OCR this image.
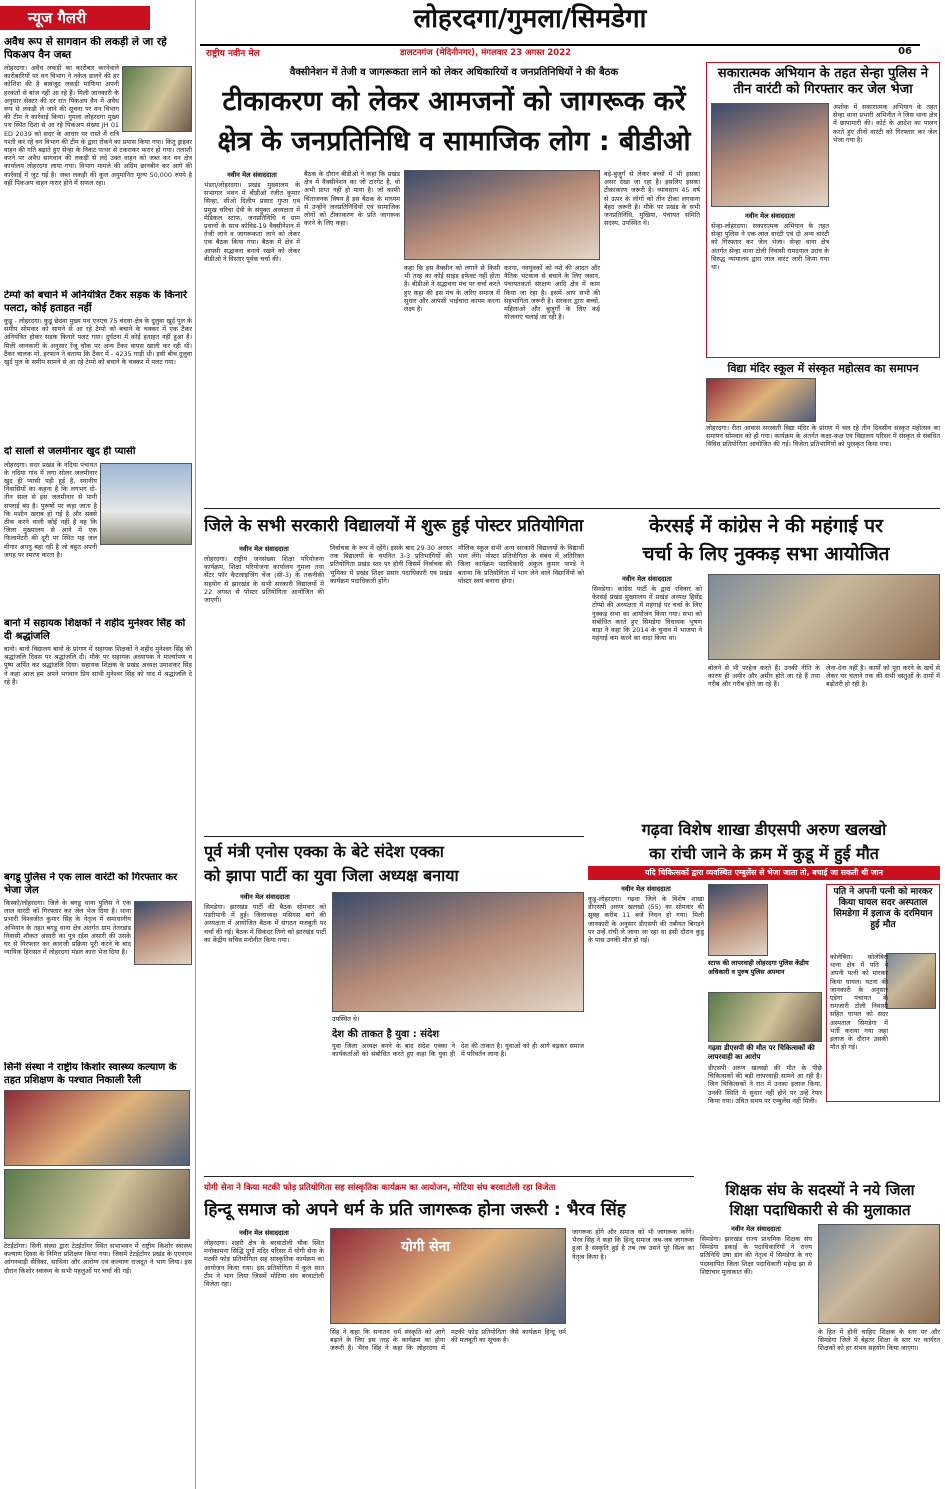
लोहरदगा/गुमला/सिमडेगा
राष्ट्रीय नवीन मेल	डालटनगंज (मेदिनीनगर), मंगलवार 23 अगस्त 2022	06
न्यूज गैलरी
अवैध रूप से सागवान की लकड़ी ले जा रहे पिकअप वैन जब्त
लोहरदगा। अवैध लकड़ी का कारोबार करनेवाले कारोबारियों पर वन विभाग ने नकेल डालने की हर कोशिश की है बावजूद लकड़ी माफिया अपनी हरकतों से बाज नहीं आ रहे हैं। मिली जानकारी के अनुसार सेक्टर की दर रात पिकअप वैन में अवैध रूप से लकड़ी ले जाने की सूचना पर वन विभाग की टीम ने कार्रवाई किया। गुमला लोहरदगा मुख्य पथ स्थित दिशा से आ रहे पिकअप संख्या JH 01 ED 2039 को सदर के आधार पर रास्ते में रात्रि गश्ती कर रहे वन विभाग की टीम के द्वारा रोकने का प्रयास किया गया। किंतु ड्राइवर वाहन की गति बढ़ाते हुए सेन्हा के निकट पत्थर से टकराकर फरार हो गया। तलाशी करने पर अवैध सागवान की लकड़ी से लदे उक्त वाहन को जब्त कर वन क्षेत्र कार्यालय लोहरदगा लाया गया। विभाग मामले की अग्रिम छानबीन कर आगे की कार्रवाई में जुट गई है। जब्त लकड़ी की कुल अनुमानित मूल्य 50,000 रुपये है वहीं पिकअप वाहन फरार होने में सफल रहा।
टेम्पो को बचाने में अनियंत्रित टैंकर सड़क के किनारे पलटा, कोई हताहत नहीं
कुडू़ - लोहरदगा। कुडू़ छेदवा मुख्य पथ एनएच 75 चंदवा क्षेत्र के दुलुवा खुर्द पुल के समीप सोमवार को सामने से आ रहे टेम्पो को बचाने के चक्कर में एक टैंकर अनियंत्रित होकर सड़क किनारे पलट गया। दुर्घटना में कोई हताहत नहीं हुआ है। मिली जानकारी के अनुसार रेंजू चौक पर अन्य टैंकर वापस खाली कर रही थी। टैंकर चालक मो. इरफान ने बताया कि टैंकर में - 4235 गाड़ी थी। इसी बीच दुलुवा खुर्द पुल के समीप सामने से आ रहे टेम्पो को बचाने के चक्कर में पलट गया।
दो सालों से जलमीनार खुद ही प्यासी
लोहरदगा। सदर प्रखंड के नदिया पंचायत के नदिया गांव में लगा सोलर जलमीनार खुद ही प्यासी पड़ी हुई है, स्थानीय निवासियों का कहना है कि लगभग दो-तीन साल से इस जलमीनार से पानी सप्लाई बंद है। पुरूषों पर कहा जाता है कि मशीन खराब हो गई है और सक्से ठीक करने वाली कोई नहीं है वह कि जिला मुख्यालय से आने में एक फिलामेंटरी की दूरी पर स्थित यह जल मीनार अपनु बहा रही है जो बहुत अपनी जगह पर स्मरण करता है।
बानो में सहायक शिक्षकों ने शहीद मुनेश्वर सिंह को दी श्रद्धांजलि
बानो। बानो विद्यालय बानो के प्रांगण में सहायक शिक्षकों ने शहीद मुनेश्वर सिंह की श्रद्धांजलि दिवस पर श्रद्धांजलि दी। मौके पर सहायक अध्यापक ने मार्ल्यापण व पुष्प अर्पित कर श्रद्धांजलि दिया। सहायक शिक्षक के प्रखंड अध्यक्ष उमाशंकर सिंह ने कहा आज हम अपने भगवान प्रिय साथी मुनेश्वर सिंह को याद में श्रद्धांजलि दे रहे हैं।
बगडू पुलिस ने एक लाल वारंटी को गिरफ्तार कर भेजा जेल
किस्को/लोहरदगा। जिले के बगडू थाना पुलिस ने एक लाल वारंटी को गिरफ्तार कर जेल भेज दिया है। थाना प्रभारी विश्वजीत कुमार सिंह के नेतृत्व में समाधानीय अभियान के तहत बगडू थाना क्षेत्र अंतर्गत ग्राम तेतरडांड निवासी शौकत अंसारी का पुत्र रईस अंसारी की उसके घर से गिरफ्तार कर कागजी प्रक्रिया पूरी करने के बाद न्यायिक हिरासत में लोहरदगा मंडल कारा भेज दिया है।
सिनी संस्था ने राष्ट्रीय किशोर स्वास्थ्य कल्याण के तहत प्रशिक्षण के पश्चात निकाली रैली
टेटईटाँगर। सिनी संस्था द्वारा टेटईटाँगर स्थित सभाभवन में राष्ट्रीय किशोर स्वास्थ्य कल्याण दिवस के निमित्त प्रशिक्षण किया गया। जिसमें टेटईटाँगर प्रखंड के एएनएम आंगनवाड़ी सेविका, साथिया और आरोग्य एवं कल्याण राजदूत ने भाग लिया। इस दौरान किशोर स्वास्थ्य के सभी पहलुओं पर चर्चा की गई।
वैक्सीनेशन में तेजी व जागरूकता लाने को लेकर अधिकारियों व जनप्रतिनिधियों ने की बैठक
टीकाकरण को लेकर आमजनों को जागरूक करें
क्षेत्र के जनप्रतिनिधि व सामाजिक लोग : बीडीओ
नवीन मेल संवाददाता
भंडरा/लोहरदगा। प्रखंड मुख्यालय के सभागार भवन में बीडीओ रंजीत कुमार सिन्हा, सीओ दिलीप प्रसाद गुप्ता एवं प्रमुख चरिचा देवी के संयुक्त अध्यक्षता में मेडिकल स्टाफ, जनप्रतिनिधि व ग्राम प्रधानों के साथ कोविड-19 वैक्सीनेशन में तेजी लाने व जागरूकता लाने को लेकर एक बैठक किया गया। बैठक में क्षेत्र में आपसी सद्भावना बनाये रखने को लेकर बीडीओ ने विस्तार पूर्वक चर्चा की।
बैठक के दौरान बीडीओ ने कहा कि प्रखंड क्षेत्र में वैक्सीनेशन का जो टारगेट है, वो अभी प्राप्त नहीं हो पाया है। जो काफी चिंताजनक विषय है इस बैठक के माध्यम से उन्होंने जनप्रतिनिधियों एवं सामाजिक लोगों को टीकाकरण के प्रति जागरूक करने के लिए कहा।
कहा कि इस वैक्सीन को लगाने से किसी भी तरह का कोई साइड इफेक्ट नहीं होता है। बीडीओ ने सद्भावना मंच पर चर्चा करते हुए कहा की इस मंच के जरिए समाज में सुधार और आपसी भाईचारा कायम करना लक्ष्य है।
करना, नवयुवकों को नशे की आदत और नैतिक भटकाव से बचाने के लिए जवान, पंचायतकर्ता संरक्षण आदि क्षेत्र में काम किया जा रहा है। इसमें आप सभी की सहभागिता जरूरी है। सरकार द्वारा बच्चों, महिलाओं और बुजुर्गों के लिए कई योजनाएं चलाई जा रही है।
बड़े-बुजुर्ग से लेकर बच्चों में भी इसका असर देखा जा रहा है। इसलिए इसका टीकाकरण जरूरी है। व्यावसाय 45 वर्ष से ऊपर के लोगों को तीन टीका लगवाना बेहद जरूरी है। मौके पर प्रखंड के सभी जनप्रतिनिधि, मुखिया, पंचायत समिति सदस्य, उपस्थित थे।
सकारात्मक अभियान के तहत सेन्हा पुलिस ने तीन वारंटी को गिरफ्तार कर जेल भेजा
नवीन मेल संवाददाता
सेन्हा-लोहरदगा। सकारात्मक अभियान के तहत सेन्हा पुलिस ने एक लाल वारंटी एवं दो अन्य वारंटी को गिरफ्तार कर जेल भेजा। सेन्हा थाना क्षेत्र अंतर्गत सेन्हा थाना टोली निवासी रामदयाल उरांव के विरुद्ध न्यायालय द्वारा लाल वारंट जारी किया गया था।
अशोक में सकारात्मक अभियान के तहत सेन्हा थाना प्रभारी अभिनीत ने जिस थाना क्षेत्र में छापामारी की। कोर्ट के आदेश का पालन करते हुए तीनों वारंटी को गिरफ्तार कर जेल भेजा गया है।
विद्या मंदिर स्कूल में संस्कृत महोत्सव का समापन
लोहरदगा। रीता आवास सरस्वती विद्या मंदिर के प्रांगण में चल रहे तीन दिवसीय संस्कृत महोत्सव का समापन सोमवार को हो गया। कार्यक्रम के अंतर्गत कक्षा-कक्ष एवं विद्यालय परिसर में संस्कृत से संबंधित विविध प्रतियोगिता आयोजित की गई। विजेता प्रतिभागियों को पुरस्कृत किया गया।
जिले के सभी सरकारी विद्यालयों में शुरू हुई पोस्टर प्रतियोगिता
नवीन मेल संवाददाता
लोहरदगा। राष्ट्रीय जनसंख्या शिक्षा परियोजना कार्यक्रम, शिक्षा परियोजना कार्यालय गुमला तथा सेंटर फॉर कैटलाइजिंग चेंज (सी-3) के तकनीकी सहयोग से झारखंड के सभी सरकारी विद्यालयों में 22 अगस्त से पोस्टर प्रतियोगिता आयोजित की जाएगी।
निर्वाचक के रूप में रहेंगे। इसके बाद 29-30 अगस्त तक विद्यालयों के चयनित 3-3 प्रतिभागियों की प्रतियोगिता प्रखंड स्तर पर होगी जिसमें निर्वाचक की भूमिका में प्रखंड शिक्षा प्रसार पदाधिकारी एवं प्रखंड कार्यक्रम पदाधिकारी होंगे।
मौलिक स्कूल सभी अन्य सरकारी विद्यालयों के विद्यार्थी भाग लेंगे। पोस्टर प्रतियोगिता के संबंध में अतिरिक्त जिला कार्यक्रम पदाधिकारी अंकुल कुमार पाण्डे ने बताया कि प्रतियोगिता में भाग लेने वाले विद्यार्थियों को पोस्टर स्वयं बनाना होगा।
केरसई में कांग्रेस ने की महंगाई पर
चर्चा के लिए नुक्कड़ सभा आयोजित
नवीन मेल संवाददाता
सिमडेगा। कांग्रेस पार्टी के द्वारा रविवार को केरसई प्रखंड मुख्यालय में प्रखंड अध्यक्ष हिसेंद्र टोप्पो की अध्यक्षता में महंगाई पर चर्चा के लिए नुक्कड़ सभा का आयोजन किया गया। सभा को संबोधित करते हुए सिमडेगा विधायक भूषण बाड़ा ने कहा कि 2014 के चुनाव में भाजपा ने महंगाई कम करने का वादा किया था।
बोलने से भी परहेज करते हैं। उनकी नीति के कारण ही अमीर और अमीर होते जा रहे हैं तथा गरीब और गरीब होते जा रहे हैं।
लेना-देना नहीं है। कार्यों को पूरा करने के खर्चे से लेकर घर चलाने तक की सभी वस्तुओं के दामों में बढ़ोतरी हो रही है।
पूर्व मंत्री एनोस एक्का के बेटे संदेश एक्का
को झापा पार्टी का युवा जिला अध्यक्ष बनाया
नवीन मेल संवाददाता
सिमडेगा। झारखंड पार्टी की बैठक सोमवार को पंडरीपानी में हुई। जिलाध्यक्ष मसियस बागे की अध्यक्षता में आयोजित बैठक में संगठन मजबूती पर चर्चा की गई। बैठक में सिकंदर तिग्गे को झारखंड पार्टी का केंद्रीय सचिव मनोनीत किया गया।
उपस्थित थे।
देश की ताकत है युवा : संदेश
युवा जिला अध्यक्ष बनने के बाद संदेश एक्का ने कार्यकर्ताओं को संबोधित करते हुए कहा कि युवा ही देश की ताकत है। युवाओं को ही आगे बढ़कर समाज में परिवर्तन लाना है।
गढ़वा विशेष शाखा डीएसपी अरुण खलखो
का रांची जाने के क्रम में कुडू में हुई मौत
यदि चिकित्सकों द्वारा व्यवस्थित एम्बुलेंस से भेजा जाता तो, बचाई जा सकती थी जान
नवीन मेल संवाददाता
कुडू-लोहरदगा। गढ़वा जिले के विशेष शाखा डीएसपी अरुण खलखो (55) का सोमवार की सुबह करीब 11 बजे निधन हो गया। मिली जानकारी के अनुसार डीएसपी की तबीयत बिगड़ने पर उन्हें रांची ले जाया जा रहा था इसी दौरान कुडू के पास उनकी मौत हो गई।
स्टाफ की लापरवाही लोहरदगा पुलिस केंद्रीय अधिकारी व पुरुष पुलिस अपमान
पति ने अपनी पत्नी को मारकर किया घायल सदर अस्पताल सिमडेगा में इलाज के दरमियान हुई मौत
कोलेबिरा। कोलेबिरा थाना क्षेत्र में पति ने अपनी पत्नी को मारकर किया घायल। घटना की जानकारी के अनुसार एडेगा पंचायत के रामजारी टोली निवासी सहित घायल को सदर अस्पताल सिमडेगा में भर्ती कराया गया जहां इलाज के दौरान उसकी मौत हो गई।
गढ़वा डीएसपी की मौत पर चिकित्सकों की लापरवाही का आरोप
डीएसपी अरुण खलखो की मौत के पीछे चिकित्सकों की बड़ी लापरवाही सामने आ रही है। जिन चिकित्सकों ने रात में उनका इलाज किया, उनकी स्थिति में सुधार नहीं होने पर उन्हें रेफर किया गया। उचित समय पर एम्बुलेंस नहीं मिली।
योगी सेना ने किया मटकी फोड़ प्रतियोगिता सह सांस्कृतिक कार्यक्रम का आयोजन, मोटिया संघ बरवाटोली रहा विजेता
हिन्दू समाज को अपने धर्म के प्रति जागरूक होना जरूरी : भैरव सिंह
नवीन मेल संवाददाता
लोहरदगा। शहरी क्षेत्र के बरवाटोली चौक स्थित मनोकामना सिद्धि दुर्गा मंदिर परिसर में योगी सेना के मटकी फोड़ प्रतियोगिता सह सांस्कृतिक कार्यक्रम का आयोजन किया गया। इस प्रतियोगिता में कुल सात टीम ने भाग लिया जिसमें मोटिया संघ बरवाटोली विजेता रहा।
योगी सेना
सिंह ने कहा कि सनातन धर्म संस्कृति को आगे बढ़ाने के लिए इस तरह के कार्यक्रम का होना जरूरी है। भैरव सिंह ने कहा कि लोहरदगा में मटकी फोड़ प्रतियोगिता जैसे कार्यक्रम हिन्दू धर्म की मजबूती का सूचक है।
जागरूक होंगे और समाज को भी जागरूक करेंगे। भैरव सिंह ने कहा कि हिन्दू समाज जब-जब जागरूक हुआ है संस्कृति हुई है तब तब उसने पूरे विश्व का नेतृत्व किया है।
शिक्षक संघ के सदस्यों ने नये जिला
शिक्षा पदाधिकारी से की मुलाकात
नवीन मेल संवाददाता
सिमडेगा। झारखंड राज्य प्राथमिक शिक्षक संघ सिमडेगा इकाई के पदाधिकारियों ने राज्य प्रतिनिधि उषा डांग की नेतृत्व में सिमडेगा के नए पदस्थापित जिला शिक्षा पदाधिकारी महेन्द्र झा से शिष्टाचार मुलाकात की।
के हित में होनी चाहिए शिक्षक के स्तर पर और सिमडेगा जिले में बेहतर शिक्षा के स्तर पर कार्यरत शिक्षकों को हर संभव सहयोग किया जाएगा।
